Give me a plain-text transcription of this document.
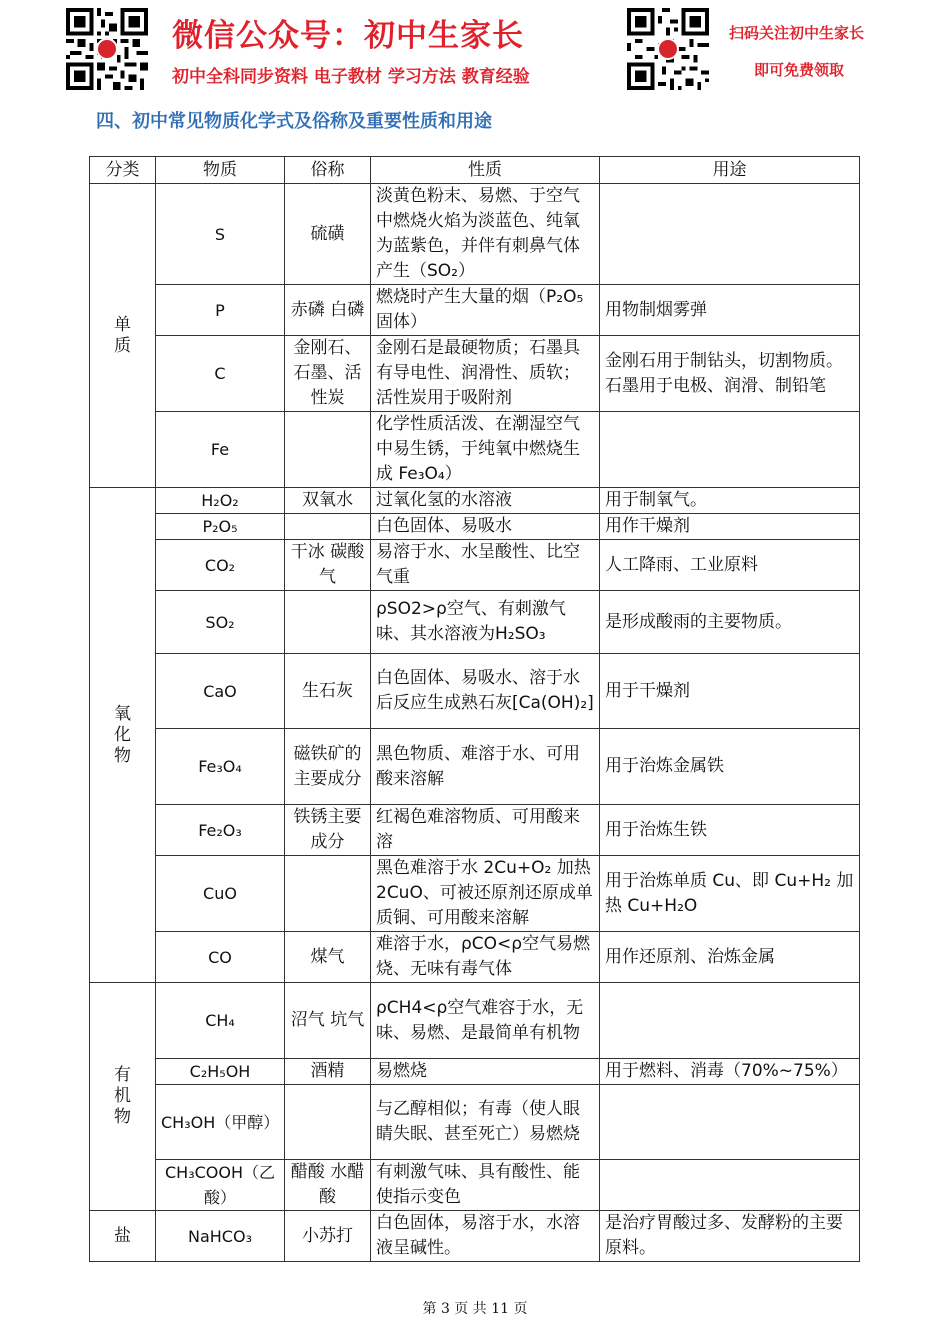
微信公众号：初中生家长
初中全科同步资料 电子教材 学习方法 教育经验
扫码关注初中生家长
即可免费领取
四、初中常见物质化学式及俗称及重要性质和用途
分类	物质	俗称	性质	用途

单质	S	硫磺	淡黄色粉末、易燃、于空气中燃烧火焰为淡蓝色、纯氧为蓝紫色，并伴有刺鼻气体产生（SO₂）	
	P	赤磷 白磷	燃烧时产生大量的烟（P₂O₅固体）	用物制烟雾弹
	C	金刚石、石墨、活性炭	金刚石是最硬物质；石墨具有导电性、润滑性、质软；活性炭用于吸附剂	金刚石用于制钻头，切割物质。石墨用于电极、润滑、制铅笔
	Fe		化学性质活泼、在潮湿空气中易生锈，于纯氧中燃烧生成 Fe₃O₄）	

氧化物	H₂O₂	双氧水	过氧化氢的水溶液	用于制氧气。
	P₂O₅		白色固体、易吸水	用作干燥剂
	CO₂	干冰 碳酸气	易溶于水、水呈酸性、比空气重	人工降雨、工业原料
	SO₂		ρSO2>ρ空气、有刺激气味、其水溶液为H₂SO₃	是形成酸雨的主要物质。
	CaO	生石灰	白色固体、易吸水、溶于水后反应生成熟石灰[Ca(OH)₂]	用于干燥剂
	Fe₃O₄	磁铁矿的主要成分	黑色物质、难溶于水、可用酸来溶解	用于治炼金属铁
	Fe₂O₃	铁锈主要成分	红褐色难溶物质、可用酸来溶	用于治炼生铁
	CuO		黑色难溶于水 2Cu+O₂ 加热 2CuO、可被还原剂还原成单质铜、可用酸来溶解	用于治炼单质 Cu、即 Cu+H₂ 加热 Cu+H₂O
	CO	煤气	难溶于水，ρCO<ρ空气易燃烧、无味有毒气体	用作还原剂、治炼金属

有机物	CH₄	沼气 坑气	ρCH4<ρ空气难容于水，无味、易燃、是最简单有机物	
	C₂H₅OH	酒精	易燃烧	用于燃料、消毒（70%~75%）
	CH₃OH（甲醇）		与乙醇相似；有毒（使人眼睛失眠、甚至死亡）易燃烧	
	CH₃COOH（乙酸）	醋酸 水醋酸	有刺激气味、具有酸性、能使指示变色	

盐	NaHCO₃	小苏打	白色固体，易溶于水，水溶液呈碱性。	是治疗胃酸过多、发酵粉的主要原料。
第 3 页 共 11 页
